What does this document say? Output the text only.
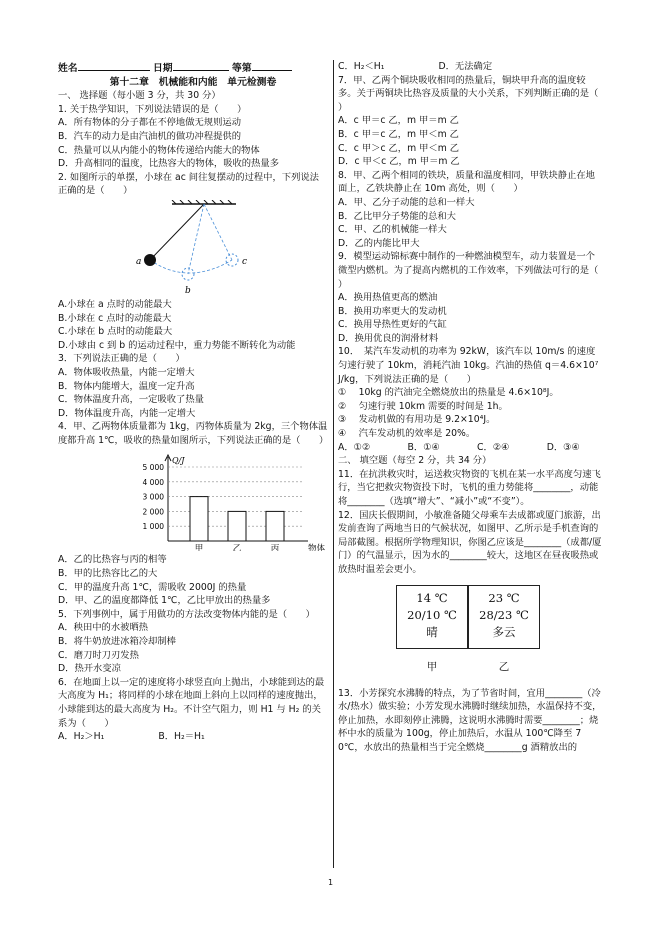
姓名	日期	等第

第十二章　机械能和内能　单元检测卷

一、 选择题（每小题 3 分，共 30 分）

1. 关于热学知识，下列说法错误的是（　　）

A．所有物体的分子都在不停地做无规则运动

B．汽车的动力是由汽油机的做功冲程提供的

C．热量可以从内能小的物体传递给内能大的物体

D．升高相同的温度，比热容大的物体，吸收的热量多

2. 如图所示的单摆，小球在 ac 间往复摆动的过程中，下列说法正确的是（　　）

a
b
c

A.小球在 a 点时的动能最大

B.小球在 c 点时的动能最大

C.小球在 b 点时的动能最大

D.小球由 c 到 b 的运动过程中，重力势能不断转化为动能

3．下列说法正确的是（　　）

A．物体吸收热量，内能一定增大

B．物体内能增大，温度一定升高

C．物体温度升高，一定吸收了热量

D．物体温度升高，内能一定增大

4．甲、乙两物体质量都为 1kg，丙物体质量为 2kg，三个物体温度都升高 1℃，吸收的热量如图所示，下列说法正确的是（　　）

Q/J
1 000
2 000
3 000
4 000
5 000
甲	乙	丙	物体

A．乙的比热容与丙的相等

B．甲的比热容比乙的大

C．甲的温度升高 1℃，需吸收 2000J 的热量

D．甲、乙的温度都降低 1℃，乙比甲放出的热量多

5．下列事例中，属于用做功的方法改变物体内能的是（　　）

A．秧田中的水被晒热

B．将牛奶放进冰箱冷却制棒

C．磨刀时刀刃发热

D．热开水变凉

6．在地面上以一定的速度将小球竖直向上抛出，小球能到达的最大高度为 H₁；将同样的小球在地面上斜向上以同样的速度抛出，小球能到达的最大高度为 H₂。不计空气阻力，则 H1 与 H₂ 的关系为（　　）

A．H₂＞H₁	B．H₂＝H₁

C．H₂＜H₁	D．无法确定

7．甲、乙两个铜块吸收相同的热量后，铜块甲升高的温度较多。关于两铜块比热容及质量的大小关系，下列判断正确的是（　　）

A．c 甲＝c 乙，m 甲＝m 乙

B．c 甲＝c 乙，m 甲＜m 乙

C．c 甲＞c 乙，m 甲＜m 乙

D．c 甲＜c 乙，m 甲＝m 乙

8．甲、乙两个相同的铁块，质量和温度相同，甲铁块静止在地面上，乙铁块静止在 10m 高处，则（　　）

A．甲、乙分子动能的总和一样大

B．乙比甲分子势能的总和大

C．甲、乙的机械能一样大

D．乙的内能比甲大

9．模型运动锦标赛中制作的一种燃油模型车，动力装置是一个微型内燃机。为了提高内燃机的工作效率，下列做法可行的是（　　）

A．换用热值更高的燃油

B．换用功率更大的发动机

C．换用导热性更好的气缸

D．换用优良的润滑材料

10．　某汽车发动机的功率为 92kW，该汽车以 10m/s 的速度匀速行驶了 10km，消耗汽油 10kg。汽油的热值 q＝4.6×10⁷J/kg，下列说法正确的是（　　）

① 　10kg 的汽油完全燃烧放出的热量是 4.6×10⁸J。

② 　匀速行驶 10km 需要的时间是 1h。

③ 　发动机做的有用功是 9.2×10⁴J。

④ 　汽车发动机的效率是 20%。

A．①②　　　　B．①④　　　　C．②④　　　　D．③④

二、 填空题（每空 2 分，共 34 分）

11．在抗洪救灾时，运送救灾物资的飞机在某一水平高度匀速飞行，当它把救灾物资投下时，飞机的重力势能将________，动能将________（选填“增大”、“减小”或“不变”）。

12．国庆长假期间，小敏准备随父母乘车去成都或厦门旅游，出发前查询了两地当日的气候状况，如图甲、乙所示是手机查询的局部截图。根据所学物理知识，你图乙应该是________（成都/厦门）的气温显示，因为水的________较大，这地区在昼夜吸热或放热时温差会更小。

14 ℃
20/10 ℃
晴
23 ℃
28/23 ℃
多云
甲	乙

13．小芳探究水沸腾的特点，为了节省时间，宜用________（冷水/热水）做实验；小芳发现水沸腾时继续加热，水温保持不变，停止加热，水即刻停止沸腾，这说明水沸腾时需要________；烧杯中水的质量为 100g，停止加热后，水温从 100℃降至 70℃，水放出的热量相当于完全燃烧________g 酒精放出的

1
